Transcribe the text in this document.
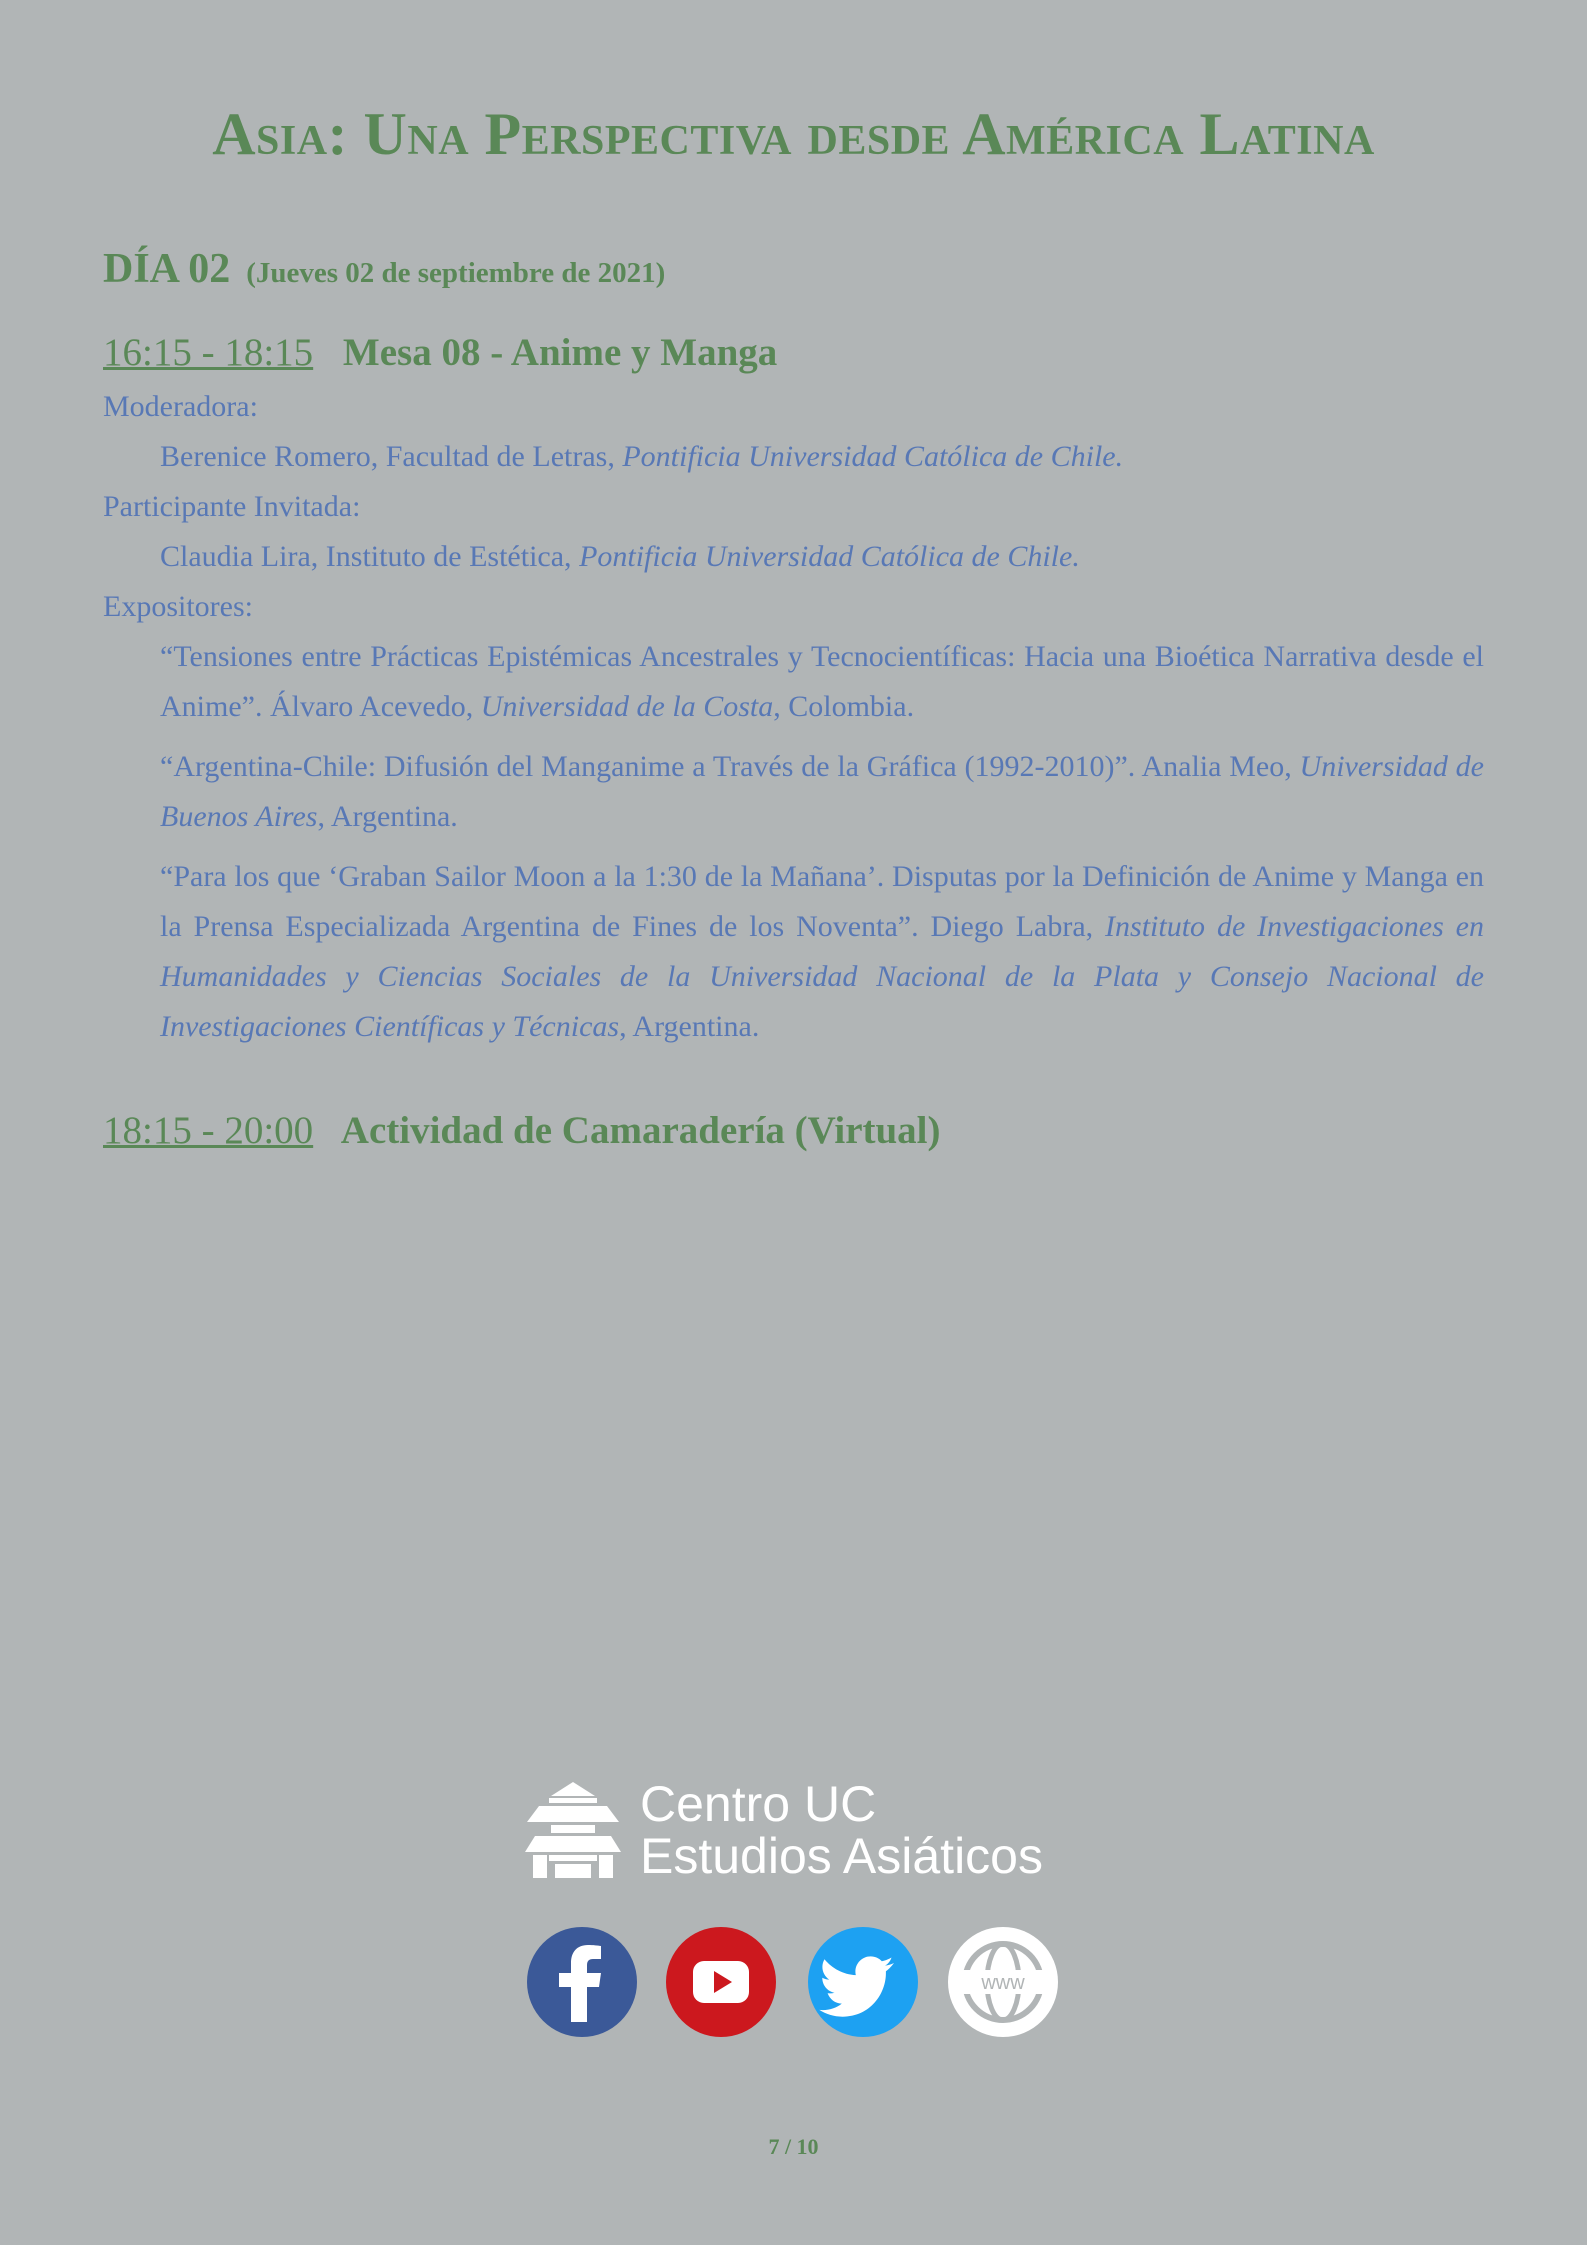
Asia: Una Perspectiva desde América Latina
DÍA 02 (Jueves 02 de septiembre de 2021)
16:15 - 18:15 Mesa 08 - Anime y Manga
Moderadora:
Berenice Romero, Facultad de Letras, Pontificia Universidad Católica de Chile.
Participante Invitada:
Claudia Lira, Instituto de Estética, Pontificia Universidad Católica de Chile.
Expositores:
“Tensiones entre Prácticas Epistémicas Ancestrales y Tecnocientíficas: Hacia una Bioética Narrativa desde el Anime”. Álvaro Acevedo, Universidad de la Costa, Colombia.
“Argentina-Chile: Difusión del Manganime a Través de la Gráfica (1992-2010)”. Analia Meo, Universidad de Buenos Aires, Argentina.
“Para los que ‘Graban Sailor Moon a la 1:30 de la Mañana’. Disputas por la Definición de Anime y Manga en la Prensa Especializada Argentina de Fines de los Noventa”. Diego Labra, Instituto de Investigaciones en Humanidades y Ciencias Sociales de la Universidad Nacional de la Plata y Consejo Nacional de Investigaciones Científicas y Técnicas, Argentina.
18:15 - 20:00 Actividad de Camaradería (Virtual)
Centro UC
Estudios Asiáticos
www
7 / 10
